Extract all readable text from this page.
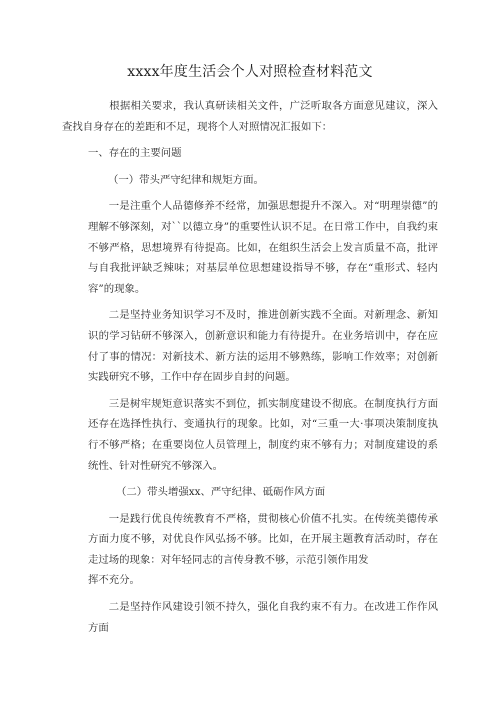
xxxx年度生活会个人对照检查材料范文

根据相关要求，我认真研读相关文件，广泛听取各方面意见建议，深入查找自身存在的差距和不足，现将个人对照情况汇报如下：

一、存在的主要问题

（一）带头严守纪律和规矩方面。

一是注重个人品德修养不经常，加强思想提升不深入。对“明理崇德”的理解不够深刻，对``以德立身”的重要性认识不足。在日常工作中，自我约束不够严格，思想境界有待提高。比如，在组织生活会上发言质量不高，批评与自我批评缺乏辣味；对基层单位思想建设指导不够，存在“重形式、轻内容”的现象。

二是坚持业务知识学习不及时，推进创新实践不全面。对新理念、新知识的学习钻研不够深入，创新意识和能力有待提升。在业务培训中，存在应付了事的情况：对新技术、新方法的运用不够熟练，影响工作效率；对创新实践研究不够，工作中存在固步自封的问题。

三是树牢规矩意识落实不到位，抓实制度建设不彻底。在制度执行方面还存在选择性执行、变通执行的现象。比如，对“三重一大·事项决策制度执行不够严格；在重要岗位人员管理上，制度约束不够有力；对制度建设的系统性、针对性研究不够深入。

（二）带头增强xx、严守纪律、砥砺作风方面

一是践行优良传统教育不严格，贯彻核心价值不扎实。在传统美德传承方面力度不够，对优良作风弘扬不够。比如，在开展主题教育活动时，存在走过场的现象：对年轻同志的言传身教不够，示范引领作用发
挥不充分。

二是坚持作风建设引领不持久，强化自我约束不有力。在改进工作作风方面
